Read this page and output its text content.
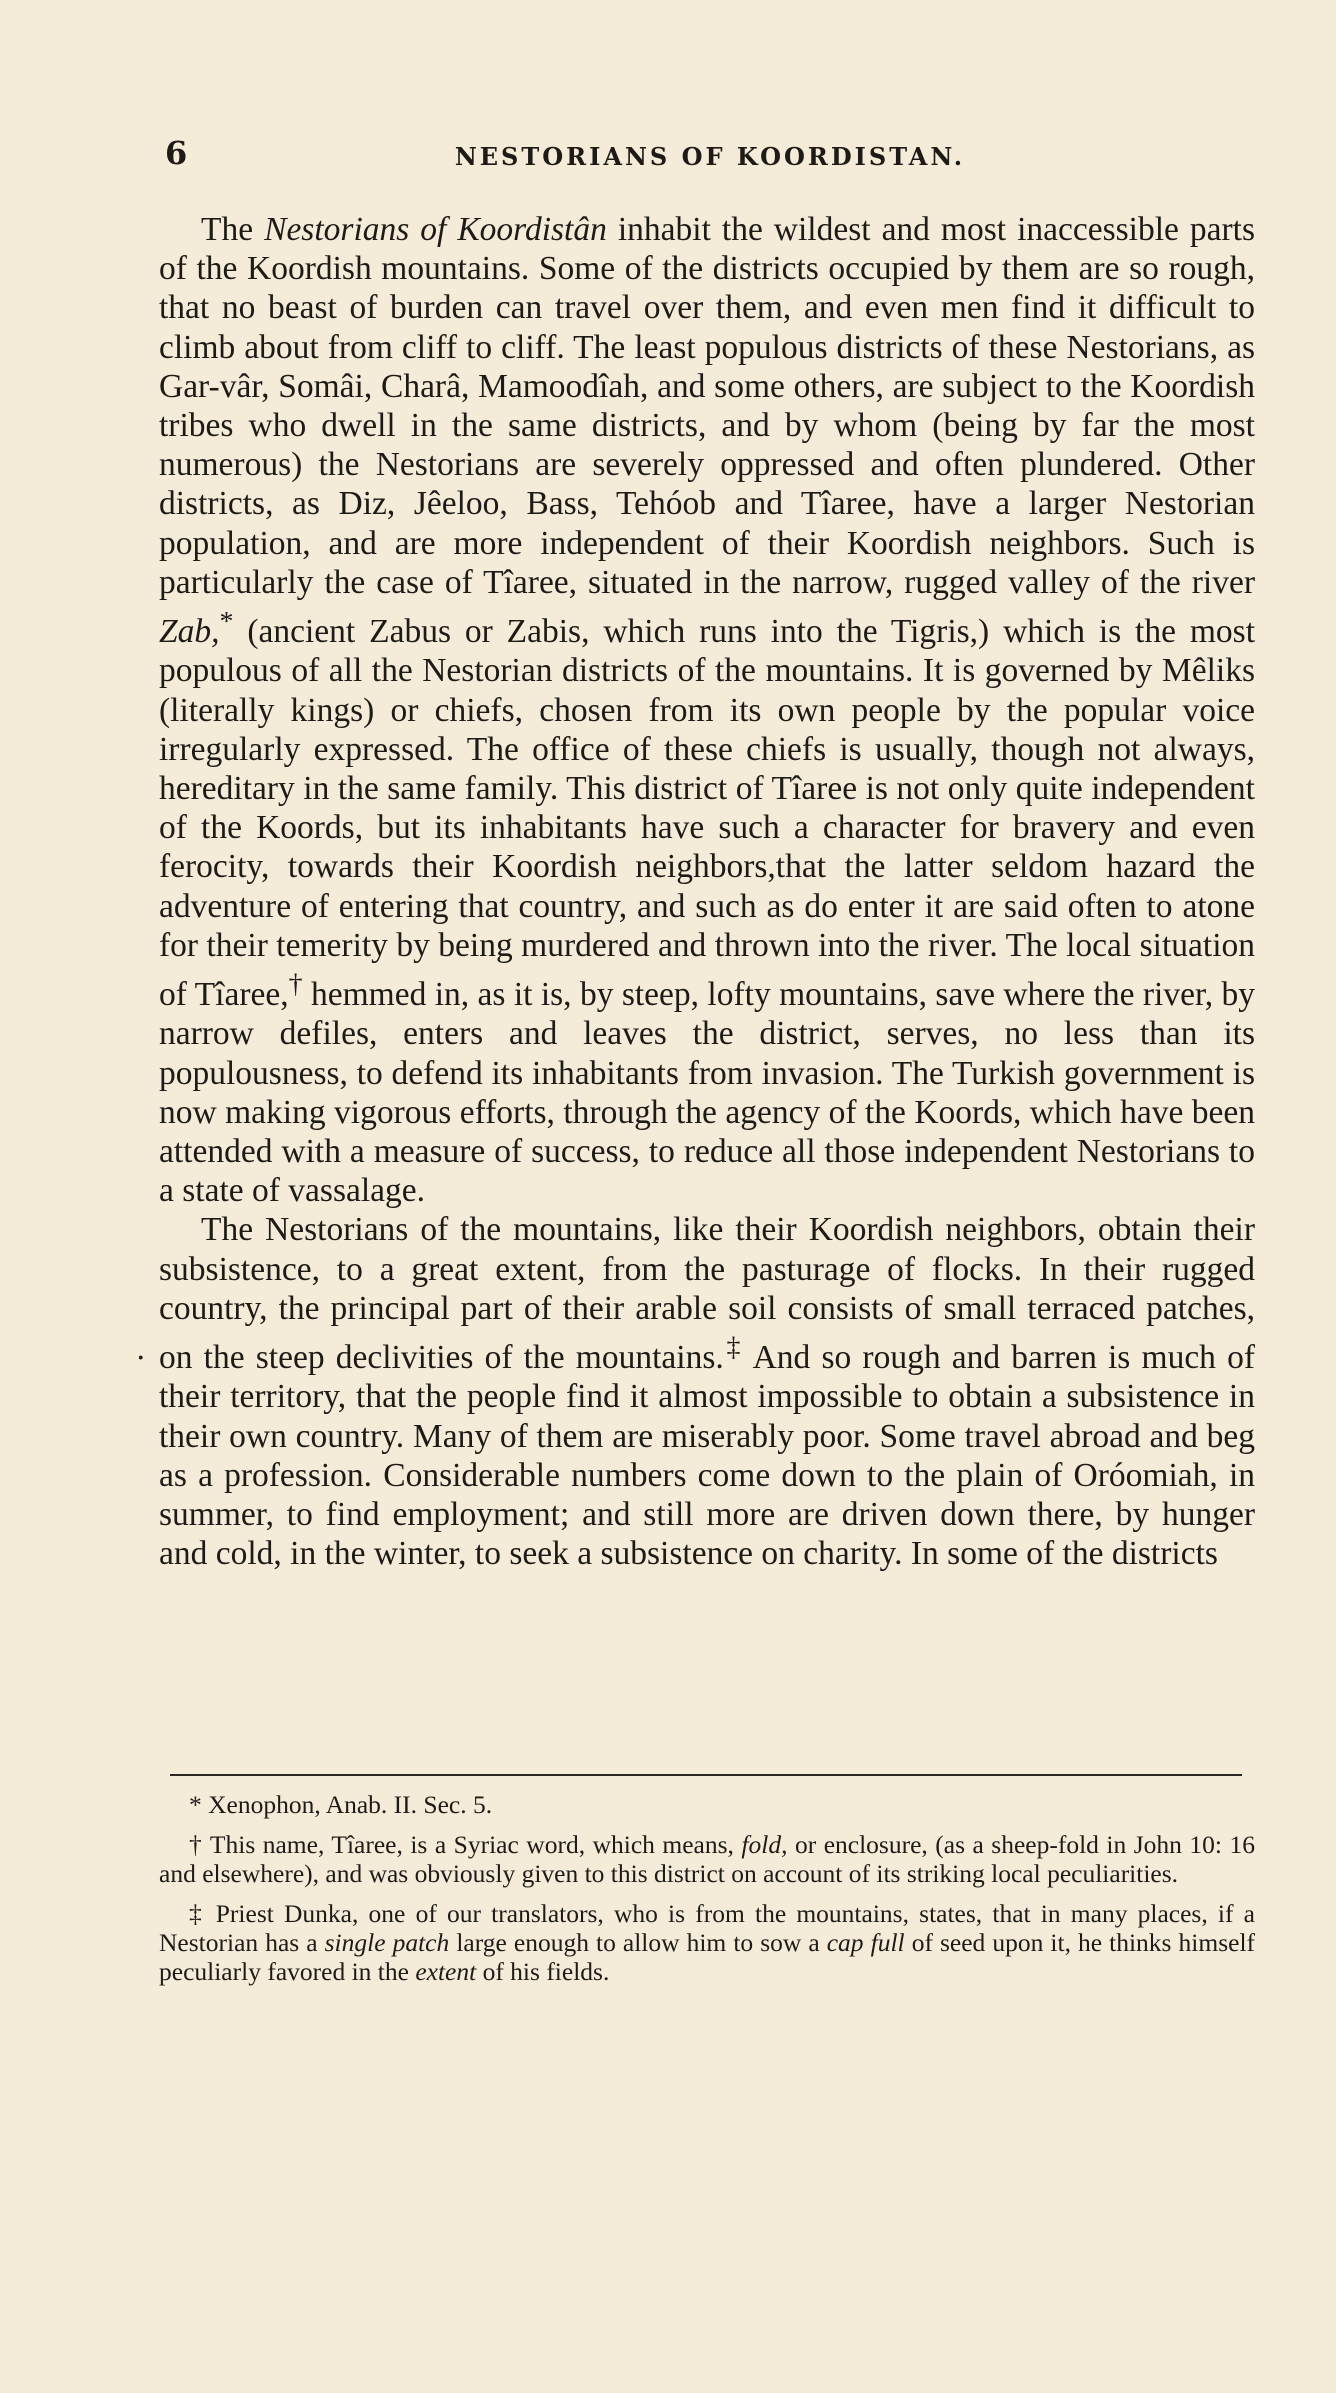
6	NESTORIANS OF KOORDISTAN.

The Nestorians of Koordistân inhabit the wildest and most inaccessible parts of the Koordish mountains. Some of the districts occupied by them are so rough, that no beast of burden can travel over them, and even men find it difficult to climb about from cliff to cliff. The least populous districts of these Nestorians, as Gar-vâr, Somâi, Charâ, Mamoodîah, and some others, are subject to the Koordish tribes who dwell in the same districts, and by whom (being by far the most numerous) the Nestorians are severely oppressed and often plundered. Other districts, as Diz, Jêeloo, Bass, Tehóob and Tîaree, have a larger Nestorian population, and are more independent of their Koordish neighbors. Such is particularly the case of Tîaree, situated in the narrow, rugged valley of the river Zab,* (ancient Zabus or Zabis, which runs into the Tigris,) which is the most populous of all the Nestorian districts of the mountains. It is governed by Mêliks (literally kings) or chiefs, chosen from its own people by the popular voice irregularly expressed. The office of these chiefs is usually, though not always, hereditary in the same family. This district of Tîaree is not only quite independent of the Koords, but its inhabitants have such a character for bravery and even ferocity, towards their Koordish neighbors,that the latter seldom hazard the adventure of entering that country, and such as do enter it are said often to atone for their temerity by being murdered and thrown into the river. The local situation of Tîaree,† hemmed in, as it is, by steep, lofty mountains, save where the river, by narrow defiles, enters and leaves the district, serves, no less than its populousness, to defend its inhabitants from invasion. The Turkish government is now making vigorous efforts, through the agency of the Koords, which have been attended with a measure of success, to reduce all those independent Nestorians to a state of vassalage.

The Nestorians of the mountains, like their Koordish neighbors, obtain their subsistence, to a great extent, from the pasturage of flocks. In their rugged country, the principal part of their arable soil consists of small terraced patches, on the steep declivities of the mountains.‡ And so rough and barren is much of their territory, that the people find it almost impossible to obtain a subsistence in their own country. Many of them are miserably poor. Some travel abroad and beg as a profession. Considerable numbers come down to the plain of Oróomiah, in summer, to find employment; and still more are driven down there, by hunger and cold, in the winter, to seek a subsistence on charity. In some of the districts

.

* Xenophon, Anab. II. Sec. 5.

† This name, Tîaree, is a Syriac word, which means, fold, or enclosure, (as a sheep-fold in John 10: 16 and elsewhere), and was obviously given to this district on account of its striking local peculiarities.

‡ Priest Dunka, one of our translators, who is from the mountains, states, that in many places, if a Nestorian has a single patch large enough to allow him to sow a cap full of seed upon it, he thinks himself peculiarly favored in the extent of his fields.
